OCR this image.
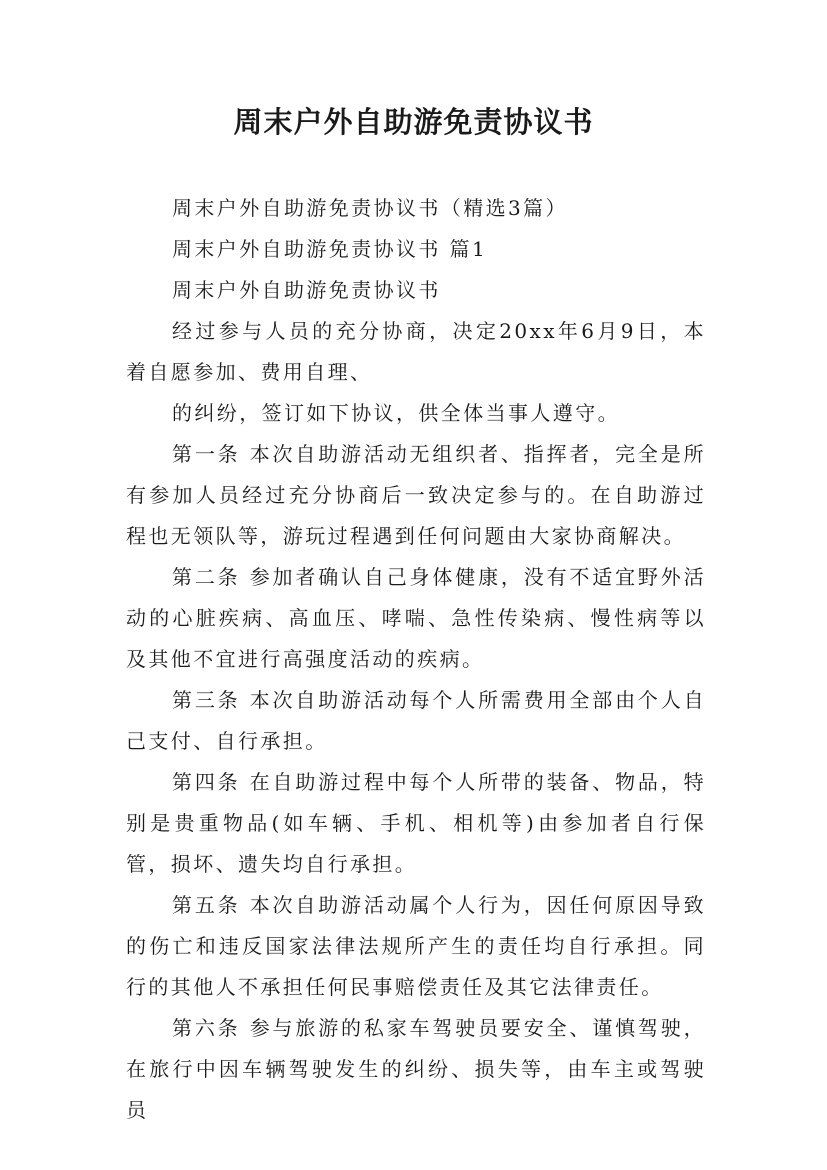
周末户外自助游免责协议书

周末户外自助游免责协议书（精选3篇）

周末户外自助游免责协议书 篇1

周末户外自助游免责协议书

经过参与人员的充分协商，决定20xx年6月9日，本着自愿参加、费用自理、

的纠纷，签订如下协议，供全体当事人遵守。

第一条 本次自助游活动无组织者、指挥者，完全是所有参加人员经过充分协商后一致决定参与的。在自助游过程也无领队等，游玩过程遇到任何问题由大家协商解决。

第二条 参加者确认自己身体健康，没有不适宜野外活动的心脏疾病、高血压、哮喘、急性传染病、慢性病等以及其他不宜进行高强度活动的疾病。

第三条 本次自助游活动每个人所需费用全部由个人自己支付、自行承担。

第四条 在自助游过程中每个人所带的装备、物品，特别是贵重物品(如车辆、手机、相机等)由参加者自行保管，损坏、遗失均自行承担。

第五条 本次自助游活动属个人行为，因任何原因导致的伤亡和违反国家法律法规所产生的责任均自行承担。同行的其他人不承担任何民事赔偿责任及其它法律责任。

第六条 参与旅游的私家车驾驶员要安全、谨慎驾驶，在旅行中因车辆驾驶发生的纠纷、损失等，由车主或驾驶员
